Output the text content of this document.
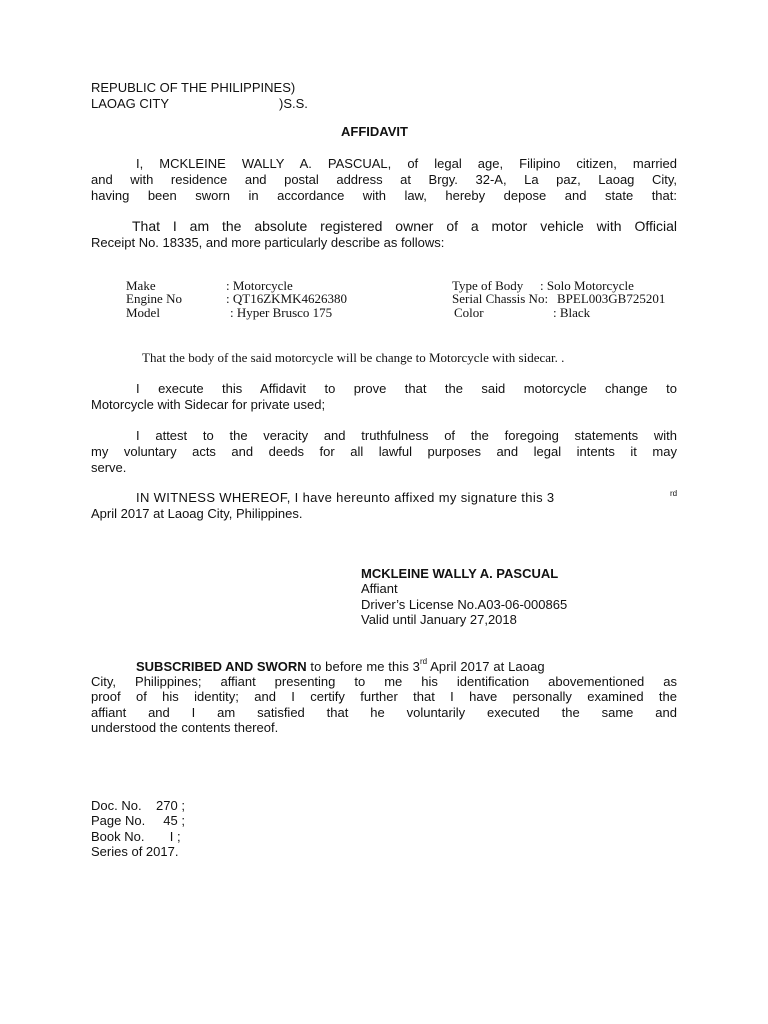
REPUBLIC OF THE PHILIPPINES)
LAOAG CITY	)S.S.
AFFIDAVIT
I, MCKLEINE WALLY A. PASCUAL, of legal age, Filipino citizen, married
and with residence and postal address at Brgy. 32-A, La paz, Laoag City,
having been sworn in accordance with law, hereby depose and state that:
That I am the absolute registered owner of a motor vehicle with Official
Receipt No. 18335, and more particularly describe as follows:
Make	: Motorcycle	Type of Body : Solo Motorcycle
Engine No	: QT16ZKMK4626380	Serial Chassis No: BPEL003GB725201
Model	: Hyper Brusco 175	Color	: Black
That the body of the said motorcycle will be change to Motorcycle with sidecar. .
I execute this Affidavit to prove that the said motorcycle change to
Motorcycle with Sidecar for private used;
I attest to the veracity and truthfulness of the foregoing statements with
my voluntary acts and deeds for all lawful purposes and legal intents it may
serve.
IN WITNESS WHEREOF, I have hereunto affixed my signature this 3	rd
April 2017 at Laoag City, Philippines.
MCKLEINE WALLY A. PASCUAL
Affiant
Driver’s License No.A03-06-000865
Valid until January 27,2018
SUBSCRIBED AND SWORN to before me this 3rd April 2017 at Laoag
City, Philippines; affiant presenting to me his identification abovementioned as
proof of his identity; and I certify further that I have personally examined the
affiant and I am satisfied that he voluntarily executed the same and
understood the contents thereof.
Doc. No.    270 ;
Page No.     45 ;
Book No.       I ;
Series of 2017.
